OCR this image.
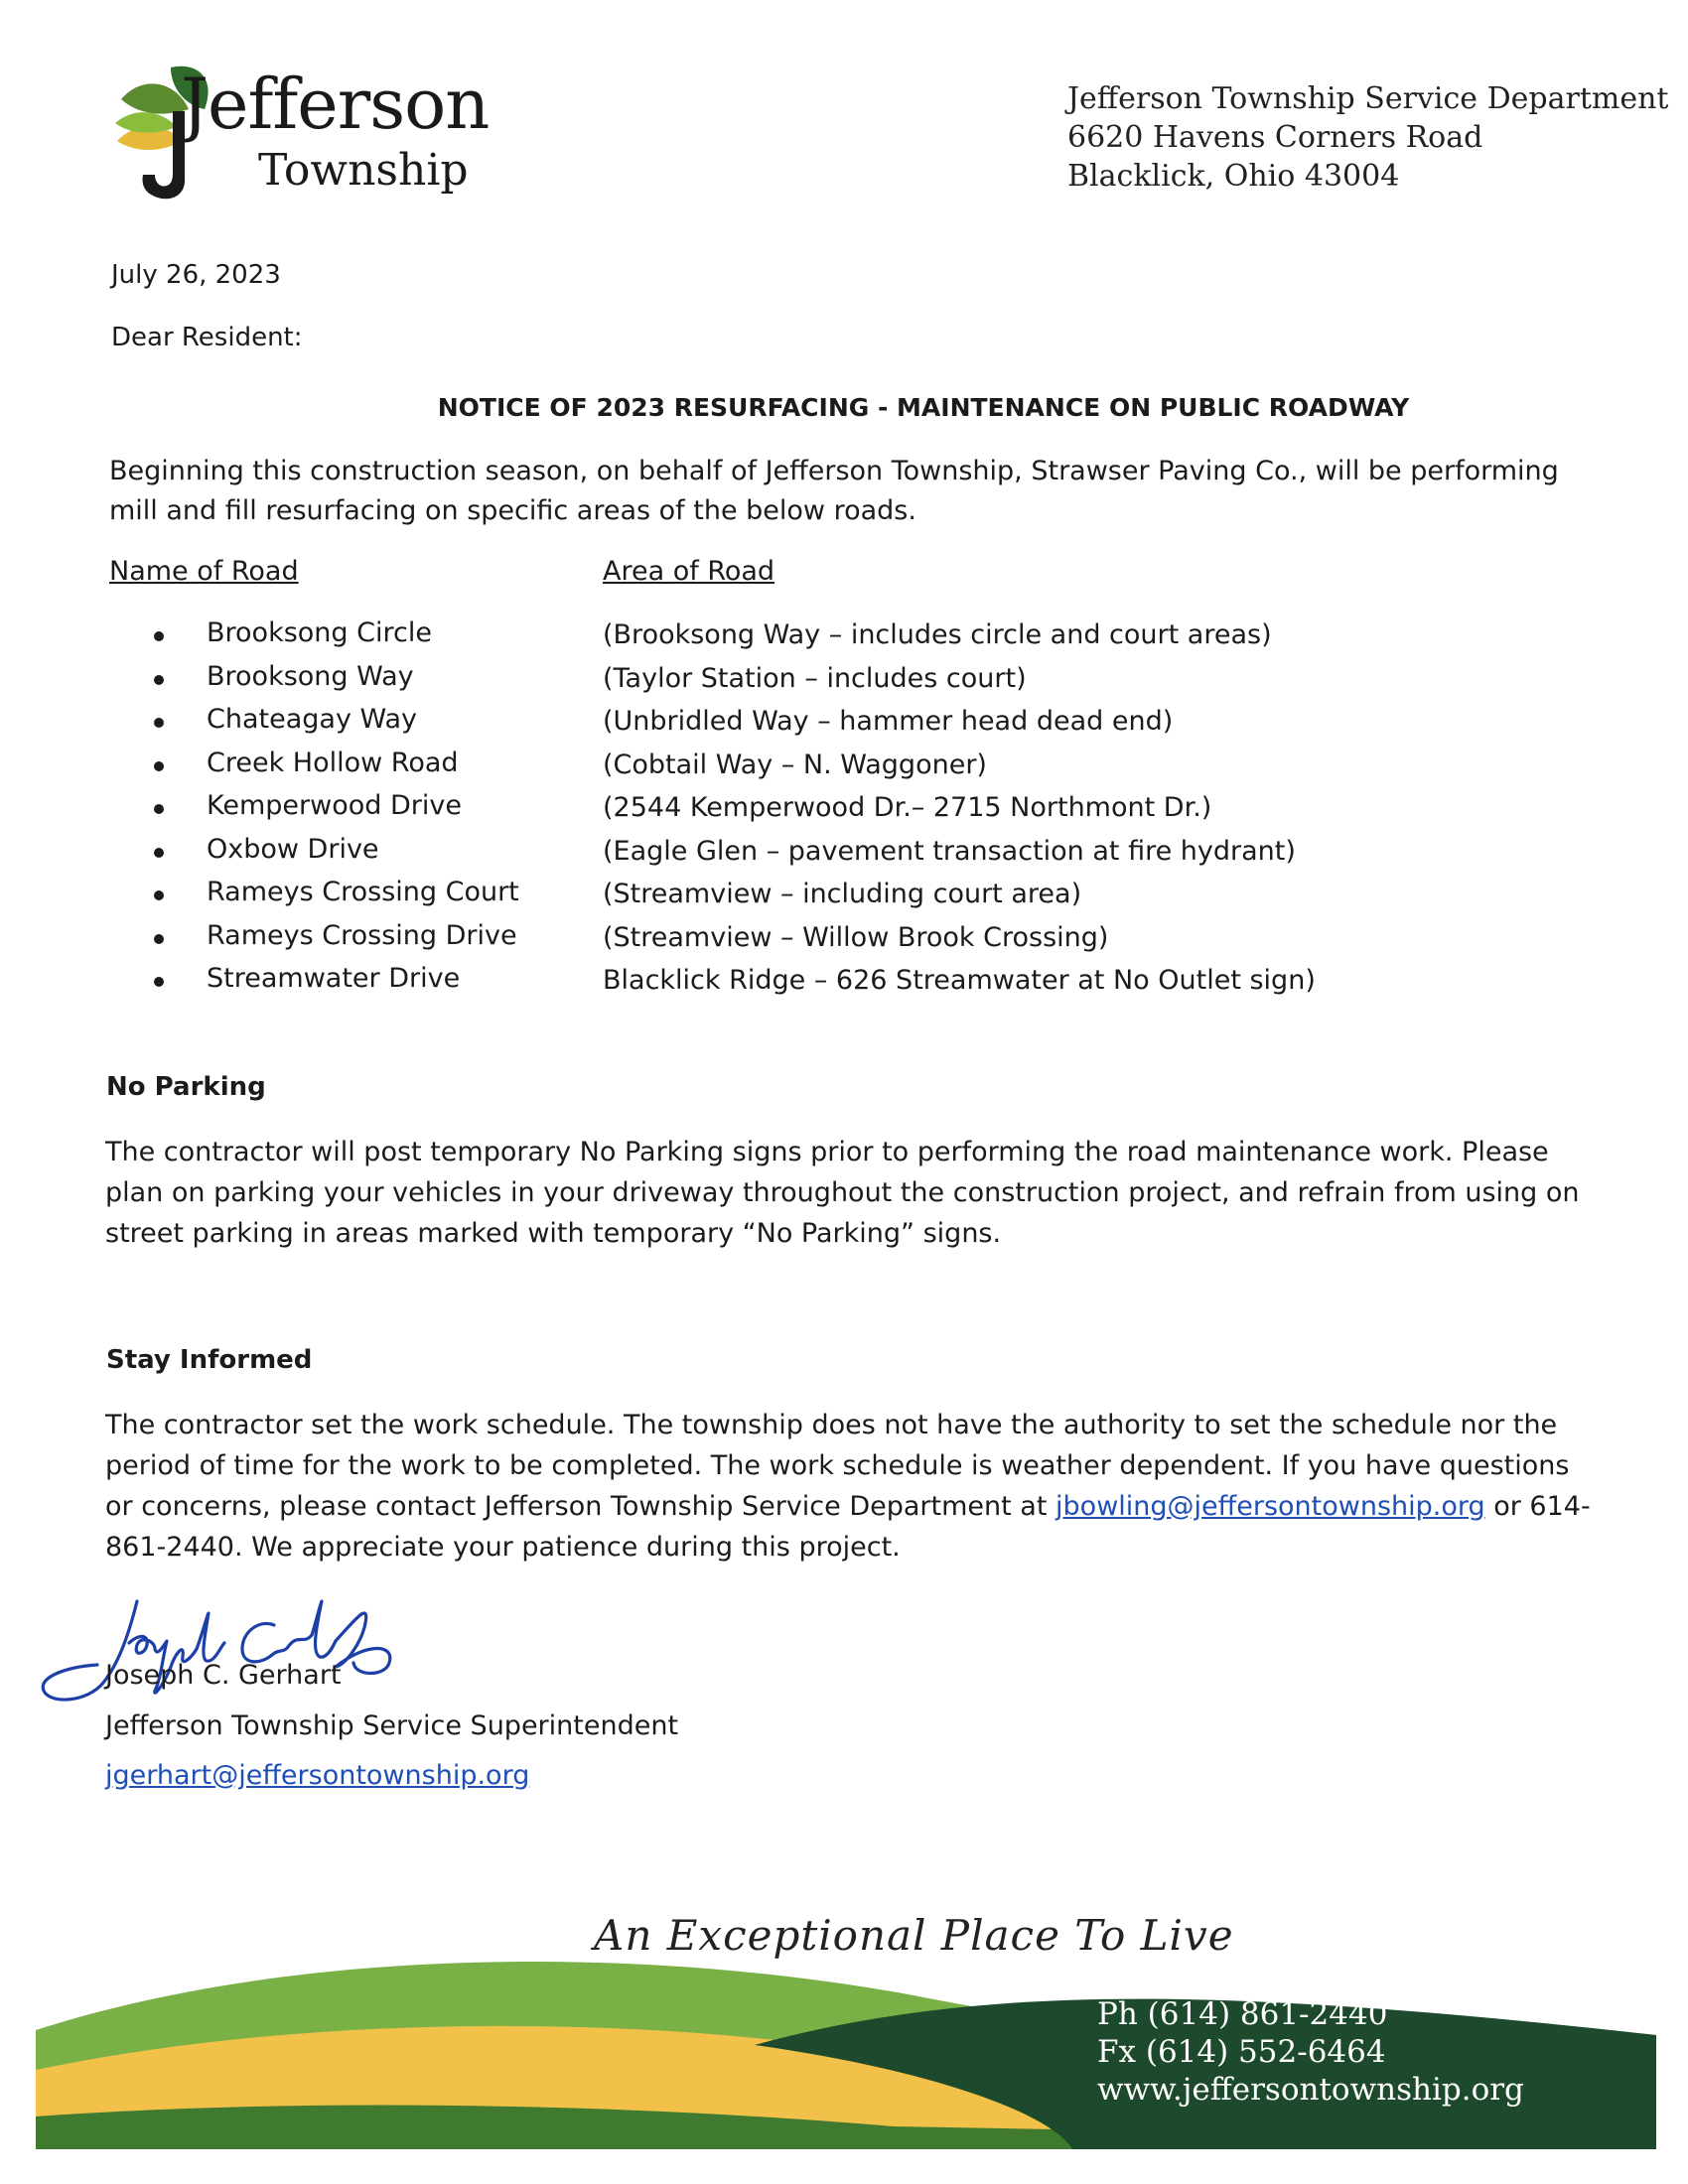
Jefferson
Township
Jefferson Township Service Department
6620 Havens Corners Road
Blacklick, Ohio 43004
July 26, 2023
Dear Resident:
NOTICE OF 2023 RESURFACING - MAINTENANCE ON PUBLIC ROADWAY
Beginning this construction season, on behalf of Jefferson Township, Strawser Paving Co., will be performing mill and fill resurfacing on specific areas of the below roads.
Name of Road	Area of Road
Brooksong Circle	(Brooksong Way – includes circle and court areas)
Brooksong Way	(Taylor Station – includes court)
Chateagay Way	(Unbridled Way – hammer head dead end)
Creek Hollow Road	(Cobtail Way – N. Waggoner)
Kemperwood Drive	(2544 Kemperwood Dr.– 2715 Northmont Dr.)
Oxbow Drive	(Eagle Glen – pavement transaction at fire hydrant)
Rameys Crossing Court	(Streamview – including court area)
Rameys Crossing Drive	(Streamview – Willow Brook Crossing)
Streamwater Drive	Blacklick Ridge – 626 Streamwater at No Outlet sign)
No Parking
The contractor will post temporary No Parking signs prior to performing the road maintenance work. Please plan on parking your vehicles in your driveway throughout the construction project, and refrain from using on street parking in areas marked with temporary “No Parking” signs.
Stay Informed
The contractor set the work schedule. The township does not have the authority to set the schedule nor the period of time for the work to be completed. The work schedule is weather dependent. If you have questions or concerns, please contact Jefferson Township Service Department at jbowling@jeffersontownship.org or 614-861-2440. We appreciate your patience during this project.
Joseph C. Gerhart
Jefferson Township Service Superintendent
jgerhart@jeffersontownship.org
An Exceptional Place To Live
Ph (614) 861-2440
Fx (614) 552-6464
www.jeffersontownship.org
